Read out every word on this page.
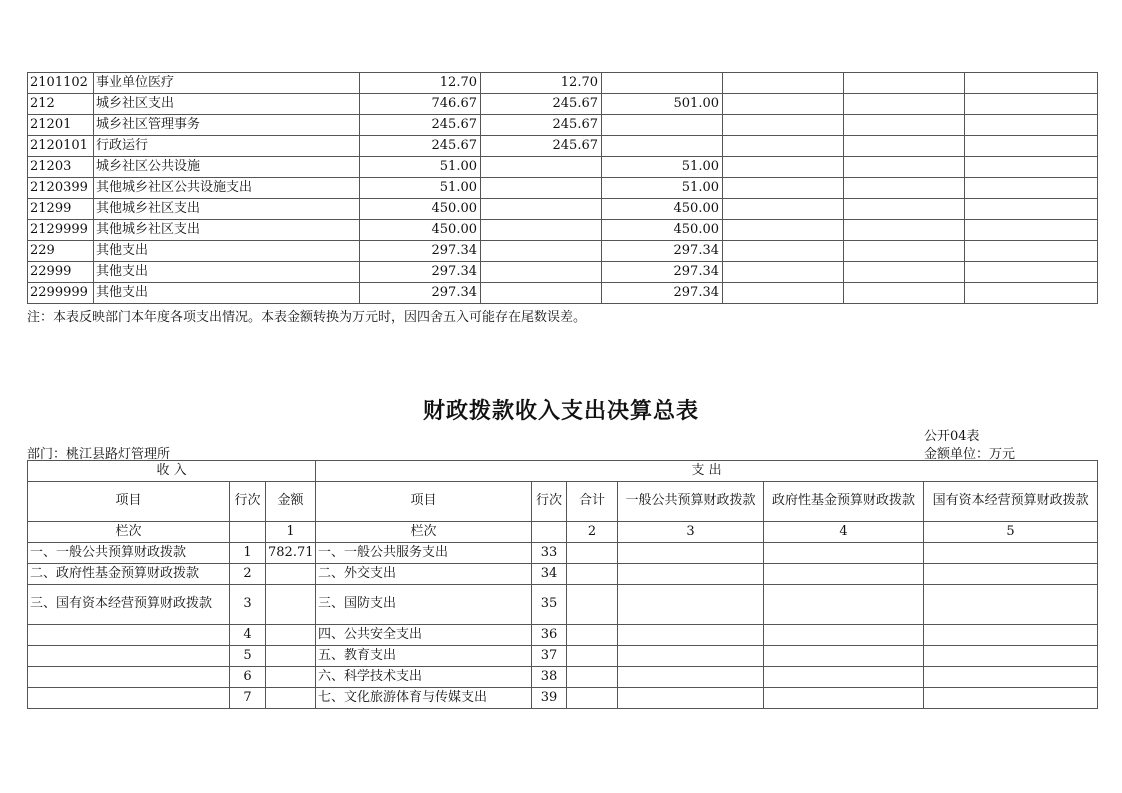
2101102	事业单位医疗	12.70	12.70				
212	城乡社区支出	746.67	245.67	501.00			
21201	城乡社区管理事务	245.67	245.67				
2120101	行政运行	245.67	245.67				
21203	城乡社区公共设施	51.00		51.00			
2120399	其他城乡社区公共设施支出	51.00		51.00			
21299	其他城乡社区支出	450.00		450.00			
2129999	其他城乡社区支出	450.00		450.00			
229	其他支出	297.34		297.34			
22999	其他支出	297.34		297.34			
2299999	其他支出	297.34		297.34			
注：本表反映部门本年度各项支出情况。本表金额转换为万元时，因四舍五入可能存在尾数误差。
财政拨款收入支出决算总表
公开04表
部门：桃江县路灯管理所	金额单位：万元
收 入			支 出					
项目	行次	金额	项目	行次	合计	一般公共预算财政拨款	政府性基金预算财政拨款	国有资本经营预算财政拨款
栏次		1	栏次		2	3	4	5
一、一般公共预算财政拨款	1	782.71	一、一般公共服务支出	33				
二、政府性基金预算财政拨款	2		二、外交支出	34				
三、国有资本经营预算财政拨款	3		三、国防支出	35				
	4		四、公共安全支出	36				
	5		五、教育支出	37				
	6		六、科学技术支出	38				
	7		七、文化旅游体育与传媒支出	39				
